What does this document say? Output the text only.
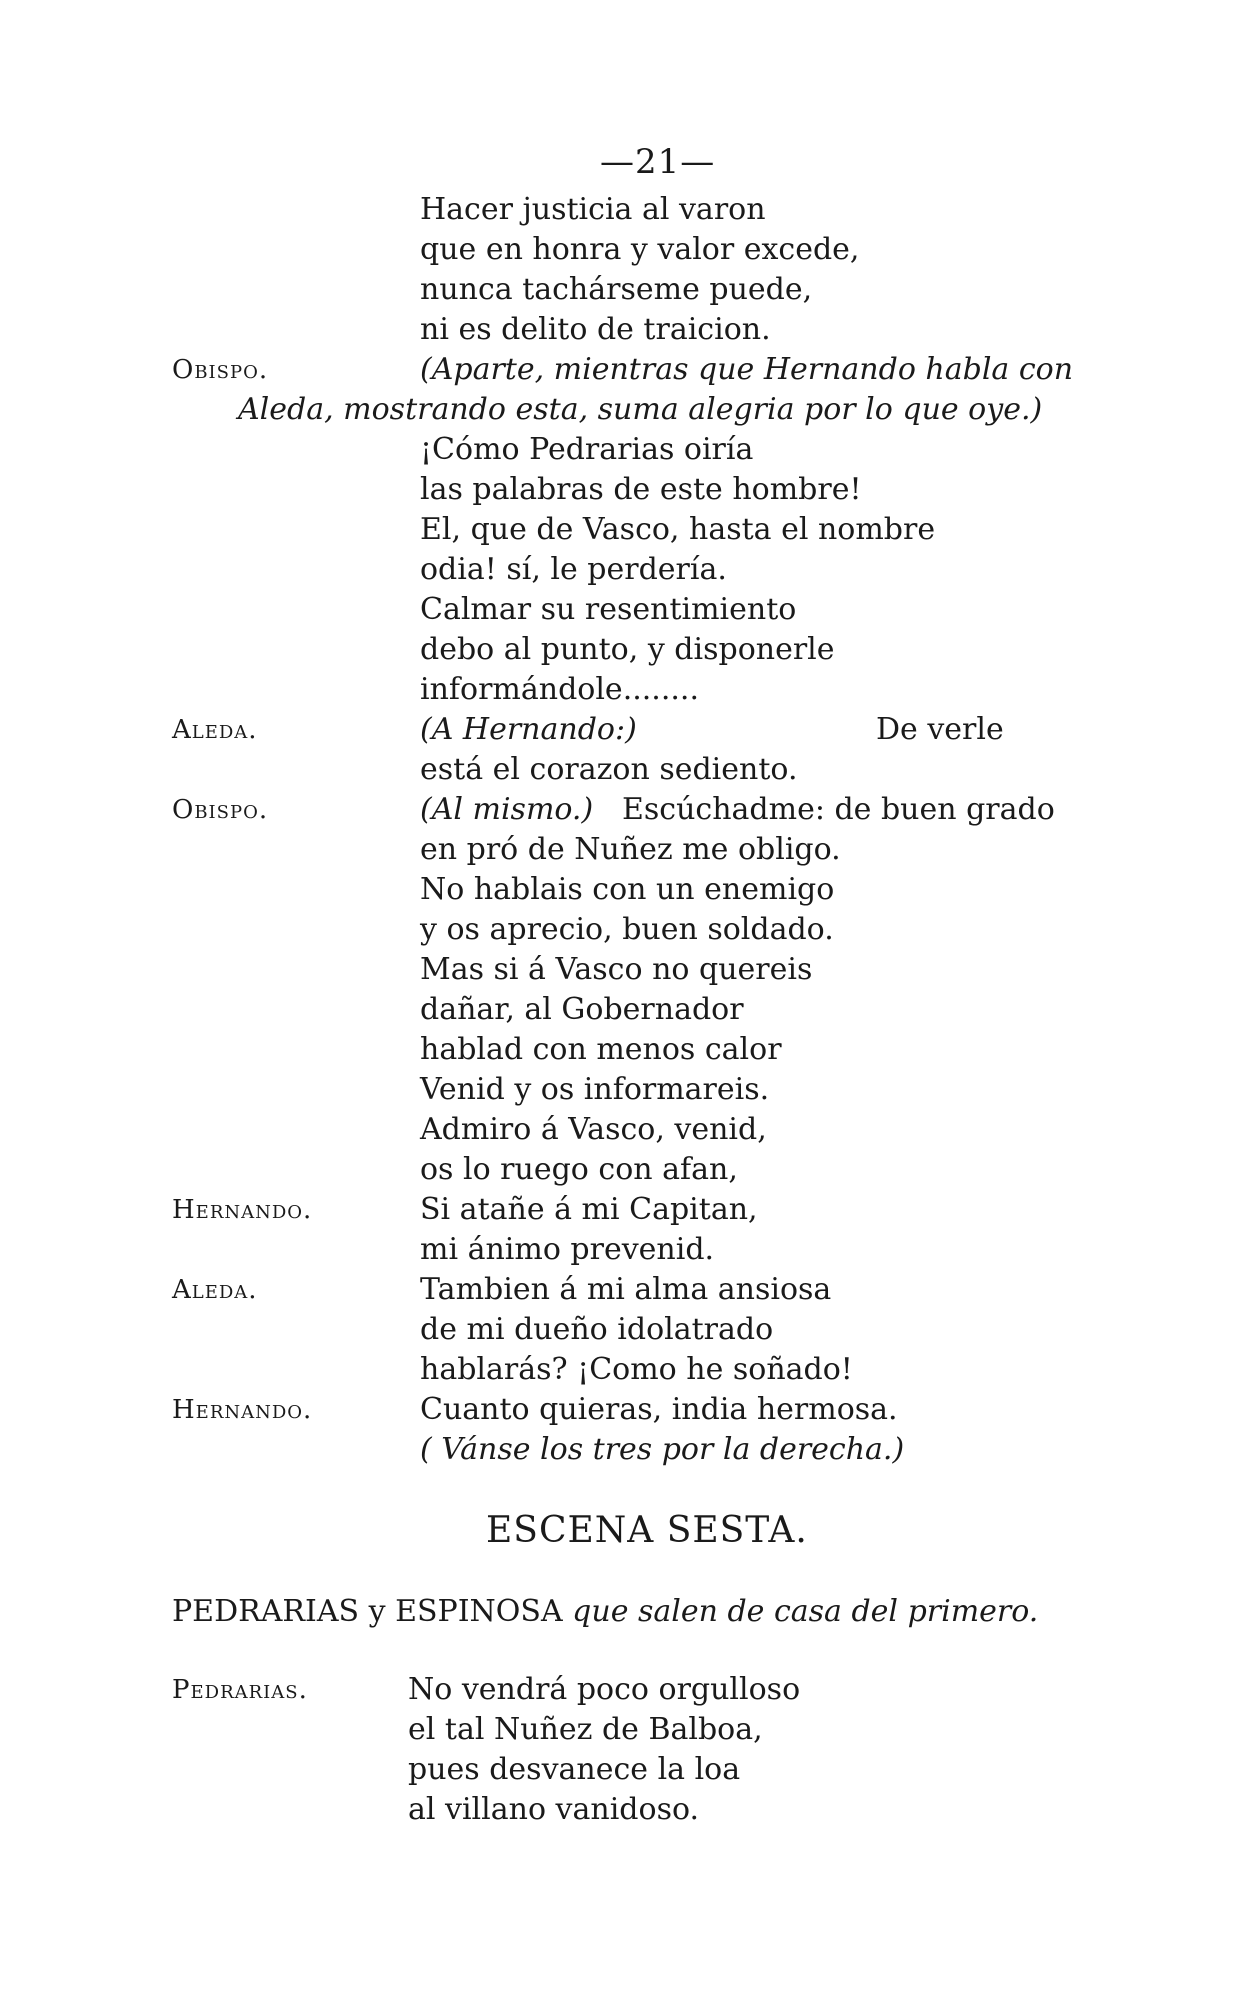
—21—
Hacer justicia al varon
que en honra y valor excede,
nunca tachárseme puede,
ni es delito de traicion.
Obispo.	(Aparte, mientras que Hernando habla con
Aleda, mostrando esta, suma alegria por lo que oye.)
¡Cómo Pedrarias oiría
las palabras de este hombre!
El, que de Vasco, hasta el nombre
odia! sí, le perdería.
Calmar su resentimiento
debo al punto, y disponerle
informándole........
Aleda.	(A Hernando:)	De verle
está el corazon sediento.
Obispo.	(Al mismo.) Escúchadme: de buen grado
en pró de Nuñez me obligo.
No hablais con un enemigo
y os aprecio, buen soldado.
Mas si á Vasco no quereis
dañar, al Gobernador
hablad con menos calor
Venid y os informareis.
Admiro á Vasco, venid,
os lo ruego con afan,
Hernando.	Si atañe á mi Capitan,
mi ánimo prevenid.
Aleda.	Tambien á mi alma ansiosa
de mi dueño idolatrado
hablarás? ¡Como he soñado!
Hernando.	Cuanto quieras, india hermosa.
( Vánse los tres por la derecha.)
ESCENA SESTA.
PEDRARIAS y ESPINOSA que salen de casa del primero.
Pedrarias.	No vendrá poco orgulloso
el tal Nuñez de Balboa,
pues desvanece la loa
al villano vanidoso.
